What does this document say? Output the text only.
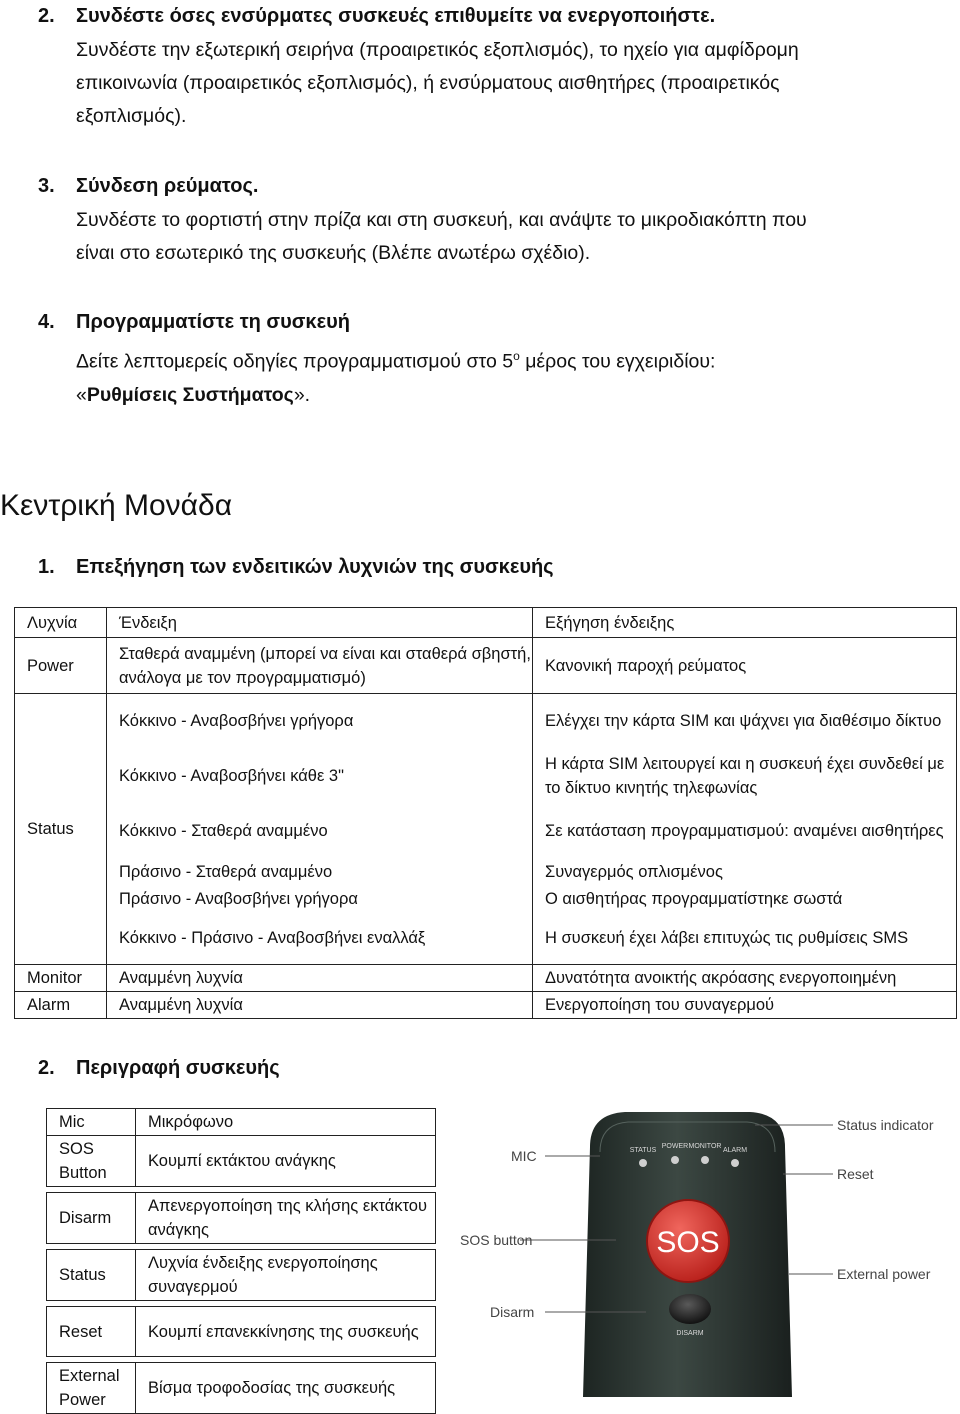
2. Συνδέστε όσες ενσύρματες συσκευές επιθυμείτε να ενεργοποιήστε.
Συνδέστε την εξωτερική σειρήνα (προαιρετικός εξοπλισμός), το ηχείο για αμφίδρομη
επικοινωνία (προαιρετικός εξοπλισμός), ή ενσύρματους αισθητήρες (προαιρετικός
εξοπλισμός).
3. Σύνδεση ρεύματος.
Συνδέστε το φορτιστή στην πρίζα και στη συσκευή, και ανάψτε το μικροδιακόπτη που
είναι στο εσωτερικό της συσκευής (Βλέπε ανωτέρω σχέδιο).
4. Προγραμματίστε τη συσκευή
Δείτε λεπτομερείς οδηγίες προγραμματισμού στο $5^o$ μέρος του εγχειριδίου:
«Ρυθμίσεις Συστήματος».
Κεντρική Μονάδα
1. Επεξήγηση των ενδειτικών λυχνιών της συσκευής
Λυχνία	Ένδειξη	Εξήγηση ένδειξης
Power	Σταθερά αναμμένη (μπορεί να είναι και σταθερά σβηστή, ανάλογα με τον προγραμματισμό)	Κανονική παροχή ρεύματος
Status	Κόκκινο - Αναβοσβήνει γρήγορα	Ελέγχει την κάρτα SIM και ψάχνει για διαθέσιμο δίκτυο
	Κόκκινο - Αναβοσβήνει κάθε 3"	Η κάρτα SIM λειτουργεί και η συσκευή έχει συνδεθεί με το δίκτυο κινητής τηλεφωνίας
	Κόκκινο - Σταθερά αναμμένο	Σε κατάσταση προγραμματισμού: αναμένει αισθητήρες
	Πράσινο - Σταθερά αναμμένο	Συναγερμός οπλισμένος
	Πράσινο - Αναβοσβήνει γρήγορα	Ο αισθητήρας προγραμματίστηκε σωστά
	Κόκκινο - Πράσινο - Αναβοσβήνει εναλλάξ	Η συσκευή έχει λάβει επιτυχώς τις ρυθμίσεις SMS
Monitor	Αναμμένη λυχνία	Δυνατότητα ανοικτής ακρόασης ενεργοποιημένη
Alarm	Αναμμένη λυχνία	Ενεργοποίηση του συναγερμού
2. Περιγραφή συσκευής
Mic	Μικρόφωνο
SOS Button	Κουμπί εκτάκτου ανάγκης

Disarm	Απενεργοποίηση της κλήσης εκτάκτου ανάγκης

Status	Λυχνία ένδειξης ενεργοποίησης συναγερμού

Reset	Κουμπί επανεκκίνησης της συσκευής

External Power	Βίσμα τροφοδοσίας της συσκευής
STATUS
POWER MONITOR
ALARM
SOS
DISARM
MIC
SOS button
Disarm
Status indicator
Reset
External power
